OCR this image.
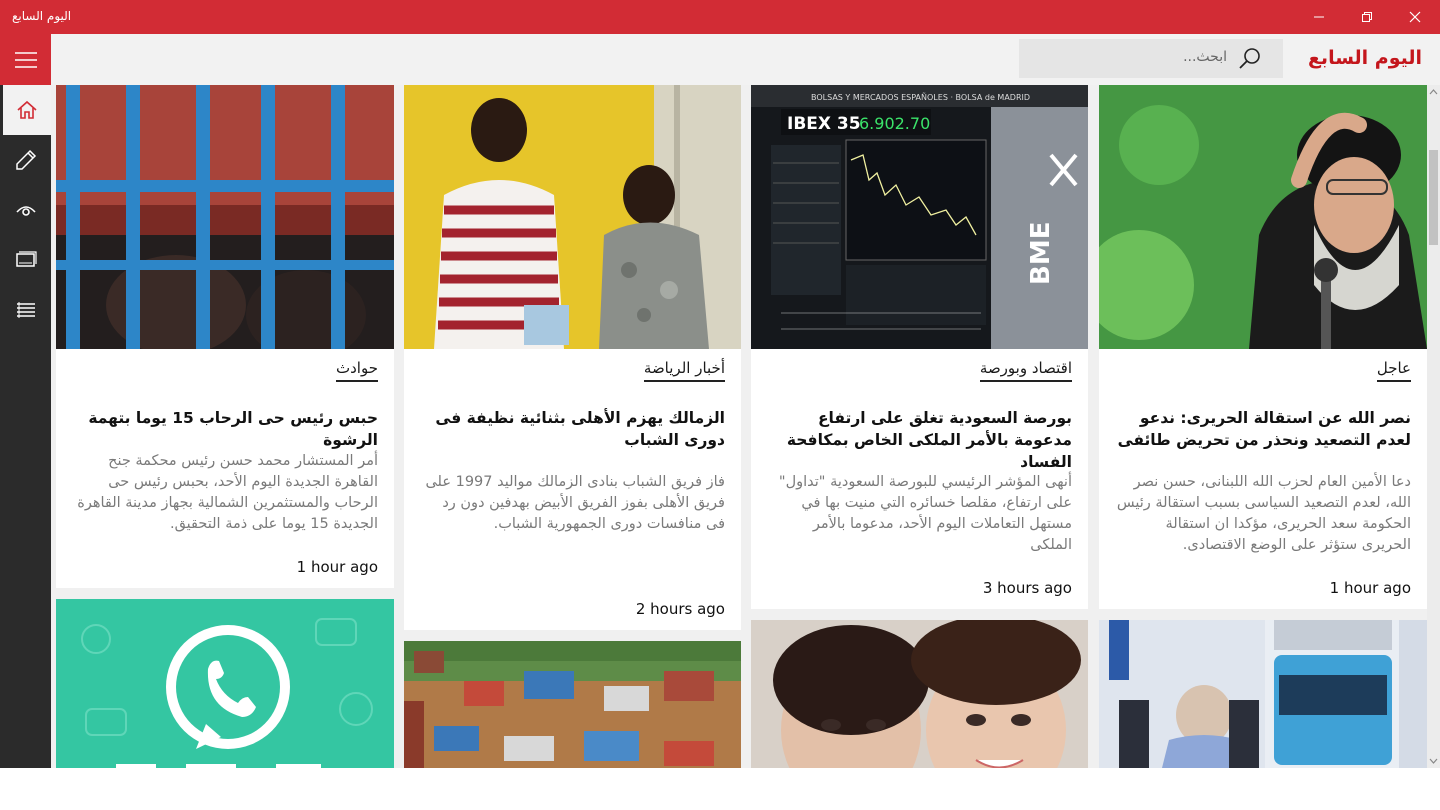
اليوم السابع
ابحث...	اليوم السابع
عاجل
نصر الله عن استقالة الحريرى: ندعو لعدم التصعيد ونحذر من تحريض طائفى
دعا الأمين العام لحزب الله اللبنانى، حسن نصر الله، لعدم التصعيد السياسى بسبب استقالة رئيس الحكومة سعد الحريرى، مؤكدا ان استقالة الحريرى ستؤثر على الوضع الاقتصادى.
1 hour ago
BOLSAS Y MERCADOS ESPAÑOLES · BOLSA de MADRID
IBEX 35
6.902.70
BME
اقتصاد وبورصة
بورصة السعودية تغلق على ارتفاع مدعومة بالأمر الملكى الخاص بمكافحة الفساد
أنهى المؤشر الرئيسي للبورصة السعودية "تداول" على ارتفاع، مقلصا خسائره التي منيت بها في مستهل التعاملات اليوم الأحد، مدعوما بالأمر الملكى
3 hours ago
أخبار الرياضة
الزمالك يهزم الأهلى بثنائية نظيفة فى دورى الشباب
فاز فريق الشباب بنادى الزمالك مواليد 1997 على فريق الأهلى بفوز الفريق الأبيض بهدفين دون رد فى منافسات دورى الجمهورية الشباب.
2 hours ago
حوادث
حبس رئيس حى الرحاب 15 يوما بتهمة الرشوة
أمر المستشار محمد حسن رئيس محكمة جنح القاهرة الجديدة اليوم الأحد، بحبس رئيس حى الرحاب والمستثمرين الشمالية بجهاز مدينة القاهرة الجديدة 15 يوما على ذمة التحقيق.
1 hour ago
